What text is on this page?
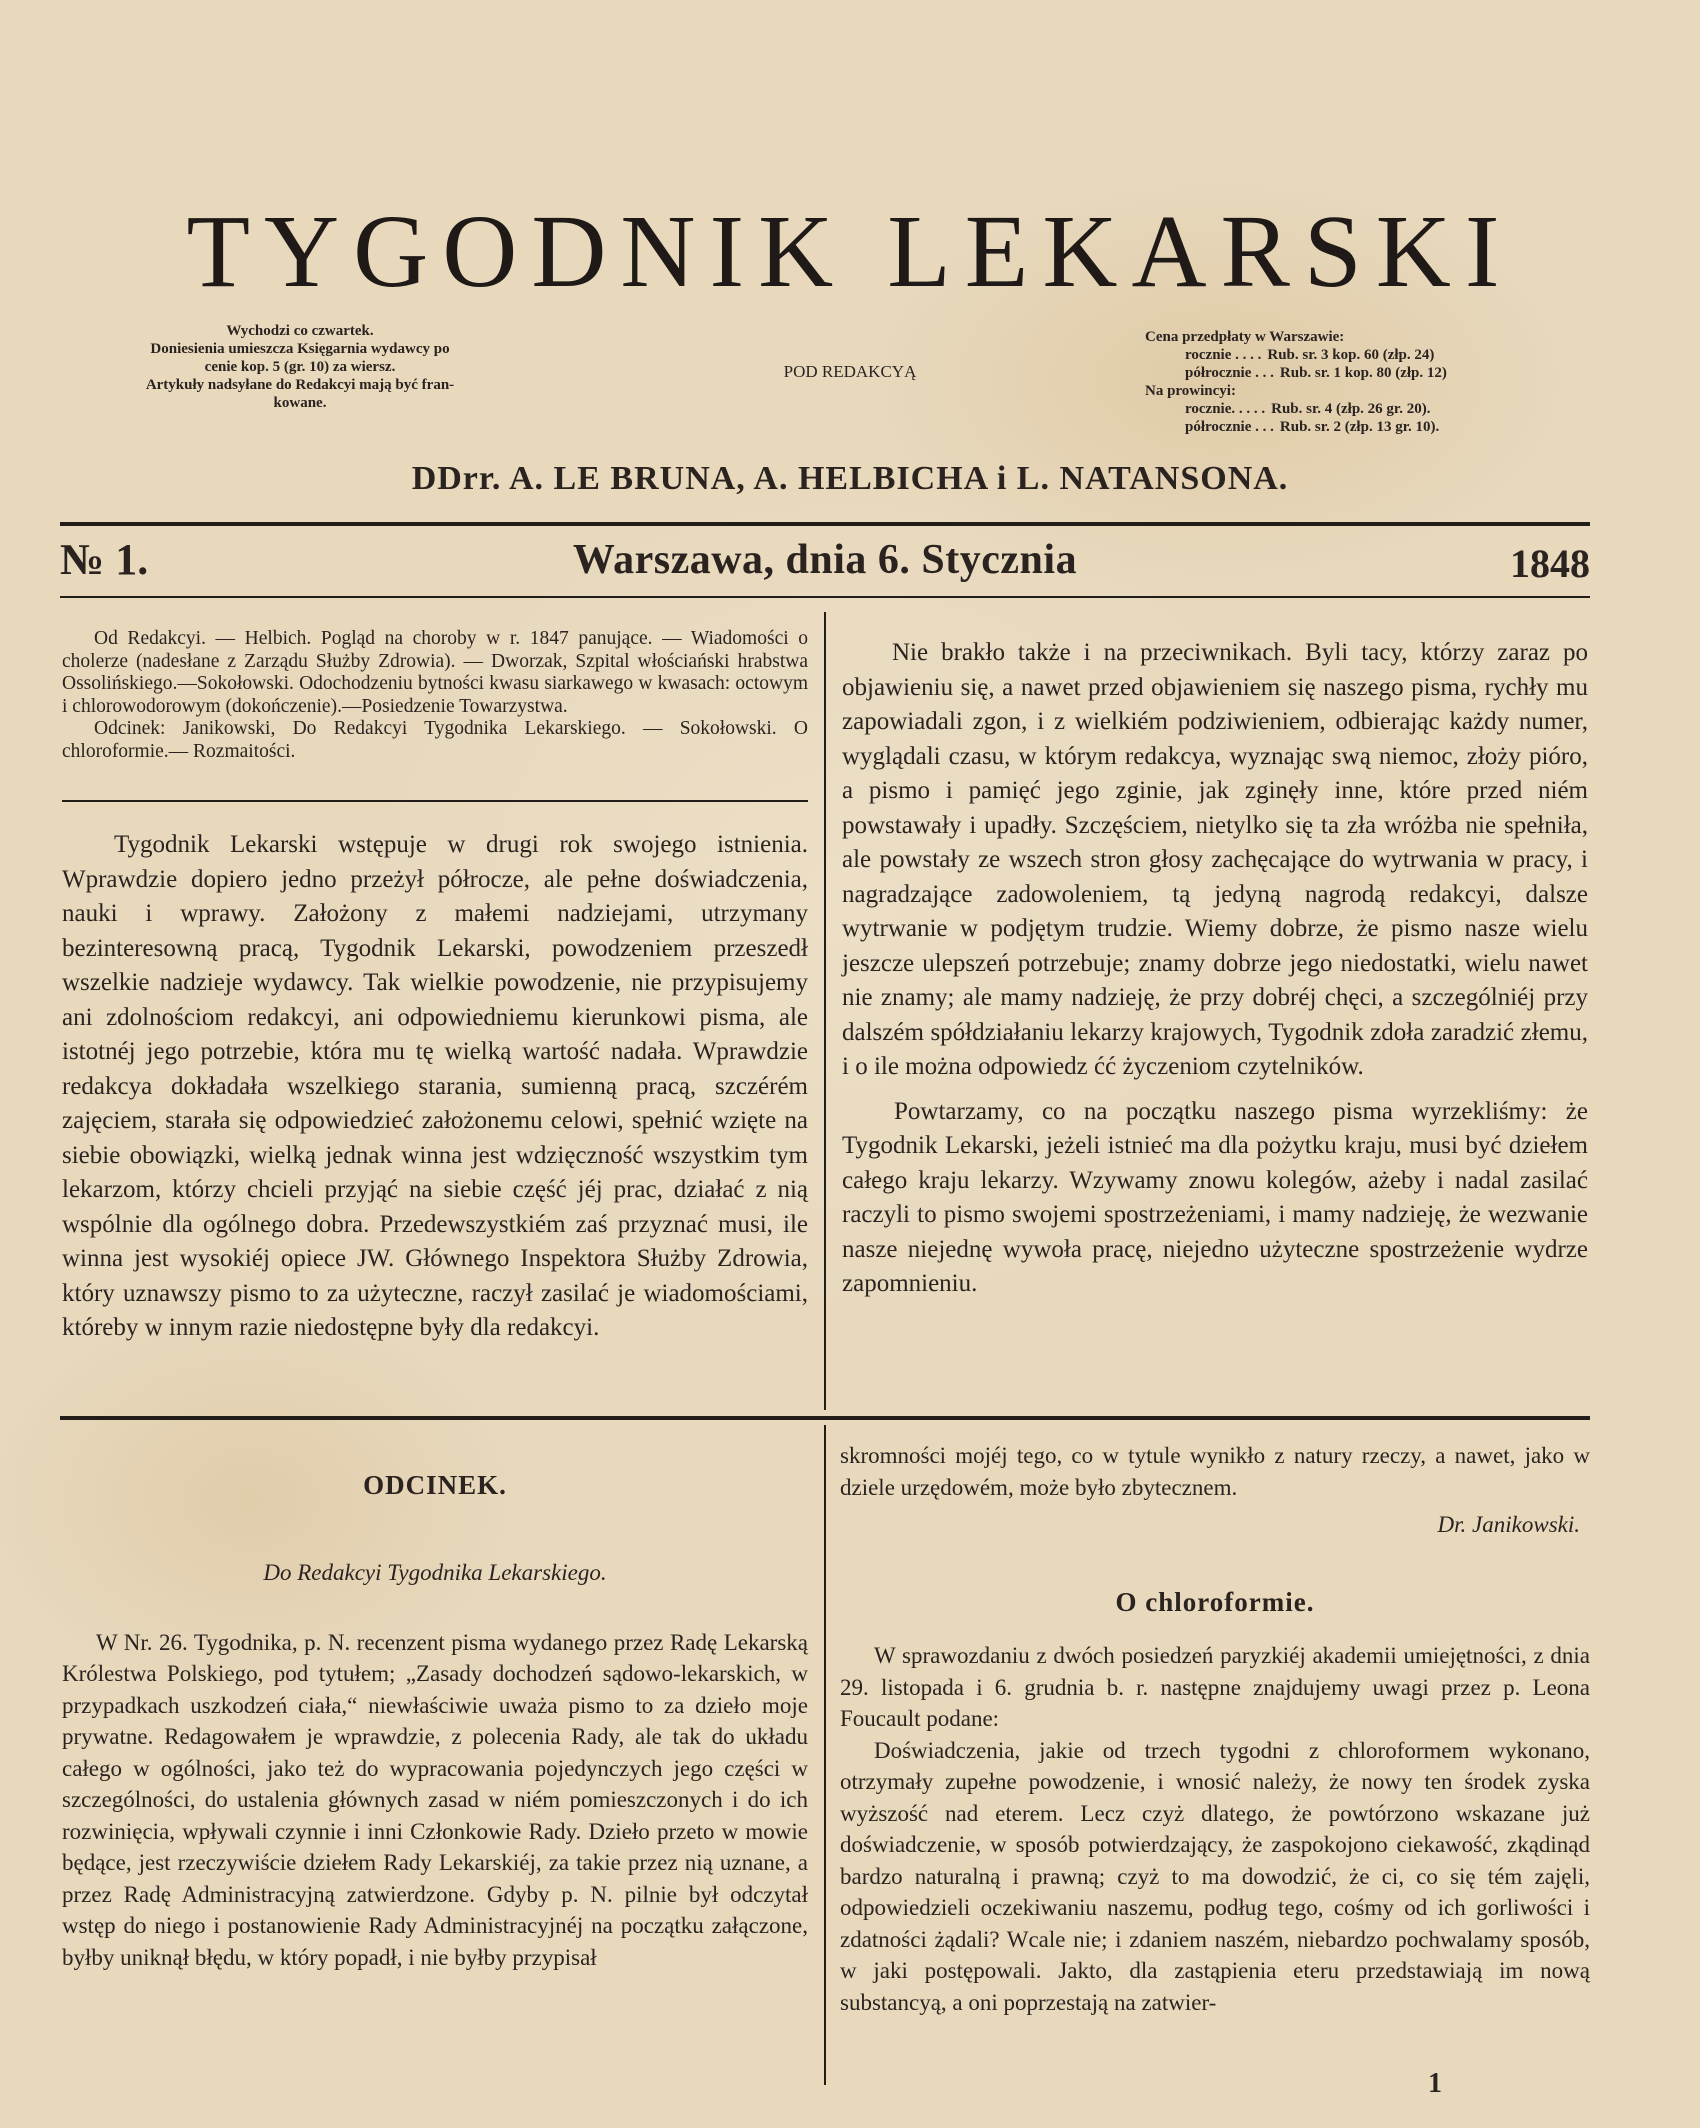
TYGODNIK LEKARSKI
Wychodzi co czwartek.
Doniesienia umieszcza Księgarnia wydawcy po
cenie kop. 5 (gr. 10) za wiersz.
Artykuły nadsyłane do Redakcyi mają być fran-
kowane.
POD REDAKCYĄ
Cena przedpłaty w Warszawie:
rocznie . . . . Rub. sr. 3 kop. 60 (złp. 24)
półrocznie . . . Rub. sr. 1 kop. 80 (złp. 12)
Na prowincyi:
rocznie. . . . . Rub. sr. 4 (złp. 26 gr. 20).
półrocznie . . . Rub. sr. 2 (złp. 13 gr. 10).
DDrr. A. LE BRUNA, A. HELBICHA i L. NATANSONA.
№ 1.	Warszawa, dnia 6. Stycznia	1848

Od Redakcyi. — Helbich. Pogląd na choroby w r. 1847 panujące. — Wiadomości o cholerze (nadesłane z Zarządu Służby Zdrowia). — Dworzak, Szpital włościański hrabstwa Ossolińskiego.—Sokołowski. Odochodzeniu bytności kwasu siarkawego w kwasach: octowym i chlorowodorowym (dokończenie).—Posiedzenie Towarzystwa.

Odcinek: Janikowski, Do Redakcyi Tygodnika Lekarskiego. — Sokołowski. O chloroformie.— Rozmaitości.

Tygodnik Lekarski wstępuje w drugi rok swojego istnienia. Wprawdzie dopiero jedno przeżył półrocze, ale pełne doświadczenia, nauki i wprawy. Założony z małemi nadziejami, utrzymany bezinteresowną pracą, Tygodnik Lekarski, powodzeniem przeszedł wszelkie nadzieje wydawcy. Tak wielkie powodzenie, nie przypisujemy ani zdolnościom redakcyi, ani odpowiedniemu kierunkowi pisma, ale istotnéj jego potrzebie, która mu tę wielką wartość nadała. Wprawdzie redakcya dokładała wszelkiego starania, sumienną pracą, szczérém zajęciem, starała się odpowiedzieć założonemu celowi, spełnić wzięte na siebie obowiązki, wielką jednak winna jest wdzięczność wszystkim tym lekarzom, którzy chcieli przyjąć na siebie część jéj prac, działać z nią wspólnie dla ogólnego dobra. Przedewszystkiém zaś przyznać musi, ile winna jest wysokiéj opiece JW. Głównego Inspektora Służby Zdrowia, który uznawszy pismo to za użyteczne, raczył zasilać je wiadomościami, któreby w innym razie niedostępne były dla redakcyi.

Nie brakło także i na przeciwnikach. Byli tacy, którzy zaraz po objawieniu się, a nawet przed objawieniem się naszego pisma, rychły mu zapowiadali zgon, i z wielkiém podziwieniem, odbierając każdy numer, wyglądali czasu, w którym redakcya, wyznając swą niemoc, złoży pióro, a pismo i pamięć jego zginie, jak zginęły inne, które przed niém powstawały i upadły. Szczęściem, nietylko się ta zła wróżba nie spełniła, ale powstały ze wszech stron głosy zachęcające do wytrwania w pracy, i nagradzające zadowoleniem, tą jedyną nagrodą redakcyi, dalsze wytrwanie w podjętym trudzie. Wiemy dobrze, że pismo nasze wielu jeszcze ulepszeń potrzebuje; znamy dobrze jego niedostatki, wielu nawet nie znamy; ale mamy nadzieję, że przy dobréj chęci, a szczególniéj przy dalszém spółdziałaniu lekarzy krajowych, Tygodnik zdoła zaradzić złemu, i o ile można odpowiedz ćć życzeniom czytelników.

Powtarzamy, co na początku naszego pisma wyrzekliśmy: że Tygodnik Lekarski, jeżeli istnieć ma dla pożytku kraju, musi być dziełem całego kraju lekarzy. Wzywamy znowu kolegów, ażeby i nadal zasilać raczyli to pismo swojemi spostrzeżeniami, i mamy nadzieję, że wezwanie nasze niejednę wywoła pracę, niejedno użyteczne spostrzeżenie wydrze zapomnieniu.

ODCINEK.
Do Redakcyi Tygodnika Lekarskiego.

W Nr. 26. Tygodnika, p. N. recenzent pisma wydanego przez Radę Lekarską Królestwa Polskiego, pod tytułem; „Zasady dochodzeń sądowo-lekarskich, w przypadkach uszkodzeń ciała,“ niewłaściwie uważa pismo to za dzieło moje prywatne. Redagowałem je wprawdzie, z polecenia Rady, ale tak do układu całego w ogólności, jako też do wypracowania pojedynczych jego części w szczególności, do ustalenia głównych zasad w niém pomieszczonych i do ich rozwinięcia, wpływali czynnie i inni Członkowie Rady. Dzieło przeto w mowie będące, jest rzeczywiście dziełem Rady Lekarskiéj, za takie przez nią uznane, a przez Radę Administracyjną zatwierdzone. Gdyby p. N. pilnie był odczytał wstęp do niego i postanowienie Rady Administracyjnéj na początku załączone, byłby uniknął błędu, w który popadł, i nie byłby przypisał

skromności mojéj tego, co w tytule wynikło z natury rzeczy, a nawet, jako w dziele urzędowém, może było zbytecznem.

Dr. Janikowski.
O chloroformie.

W sprawozdaniu z dwóch posiedzeń paryzkiéj akademii umiejętności, z dnia 29. listopada i 6. grudnia b. r. następne znajdujemy uwagi przez p. Leona Foucault podane:

Doświadczenia, jakie od trzech tygodni z chloroformem wykonano, otrzymały zupełne powodzenie, i wnosić należy, że nowy ten środek zyska wyższość nad eterem. Lecz czyż dlatego, że powtórzono wskazane już doświadczenie, w sposób potwierdzający, że zaspokojono ciekawość, zkądinąd bardzo naturalną i prawną; czyż to ma dowodzić, że ci, co się tém zajęli, odpowiedzieli oczekiwaniu naszemu, podług tego, cośmy od ich gorliwości i zdatności żądali? Wcale nie; i zdaniem naszém, niebardzo pochwalamy sposób, w jaki postępowali. Jakto, dla zastąpienia eteru przedstawiają im nową substancyą, a oni poprzestają na zatwier-

1
